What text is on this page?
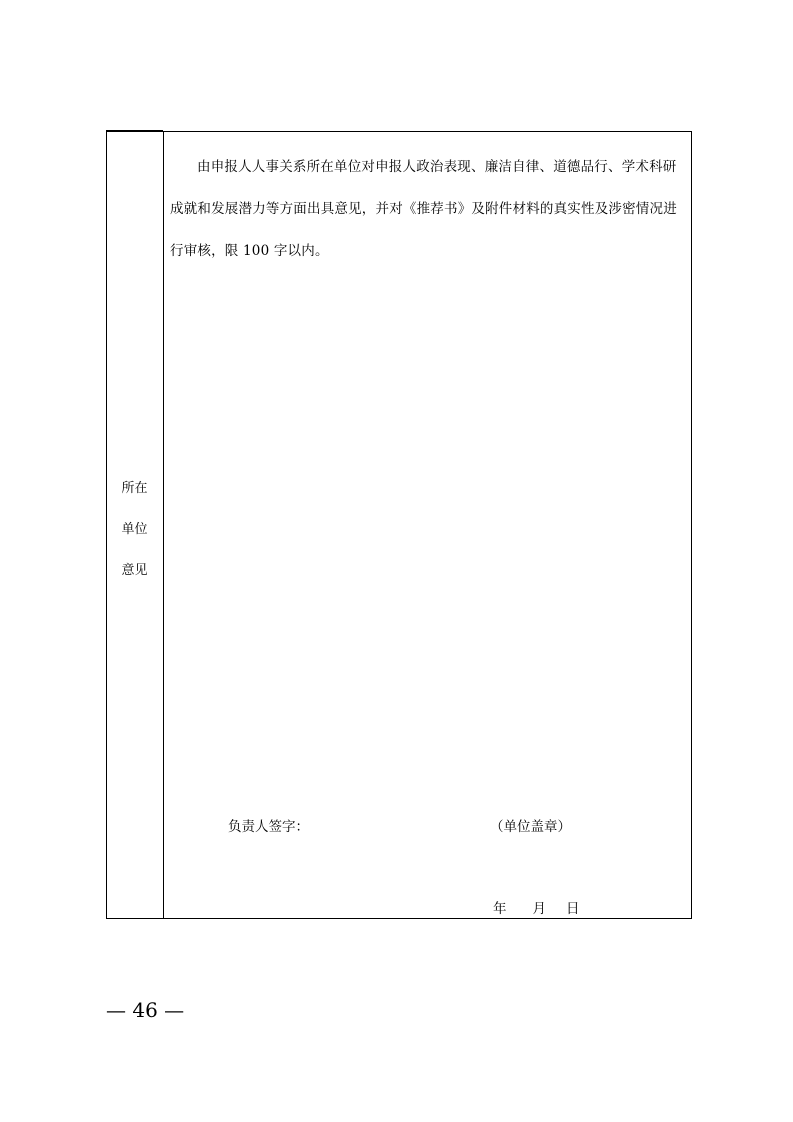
所在
单位
意见

由申报人人事关系所在单位对申报人政治表现、廉洁自律、道德品行、学术科研成就和发展潜力等方面出具意见，并对《推荐书》及附件材料的真实性及涉密情况进行审核，限 100 字以内。

负责人签字：	（单位盖章）
年 月 日
— 46 —
